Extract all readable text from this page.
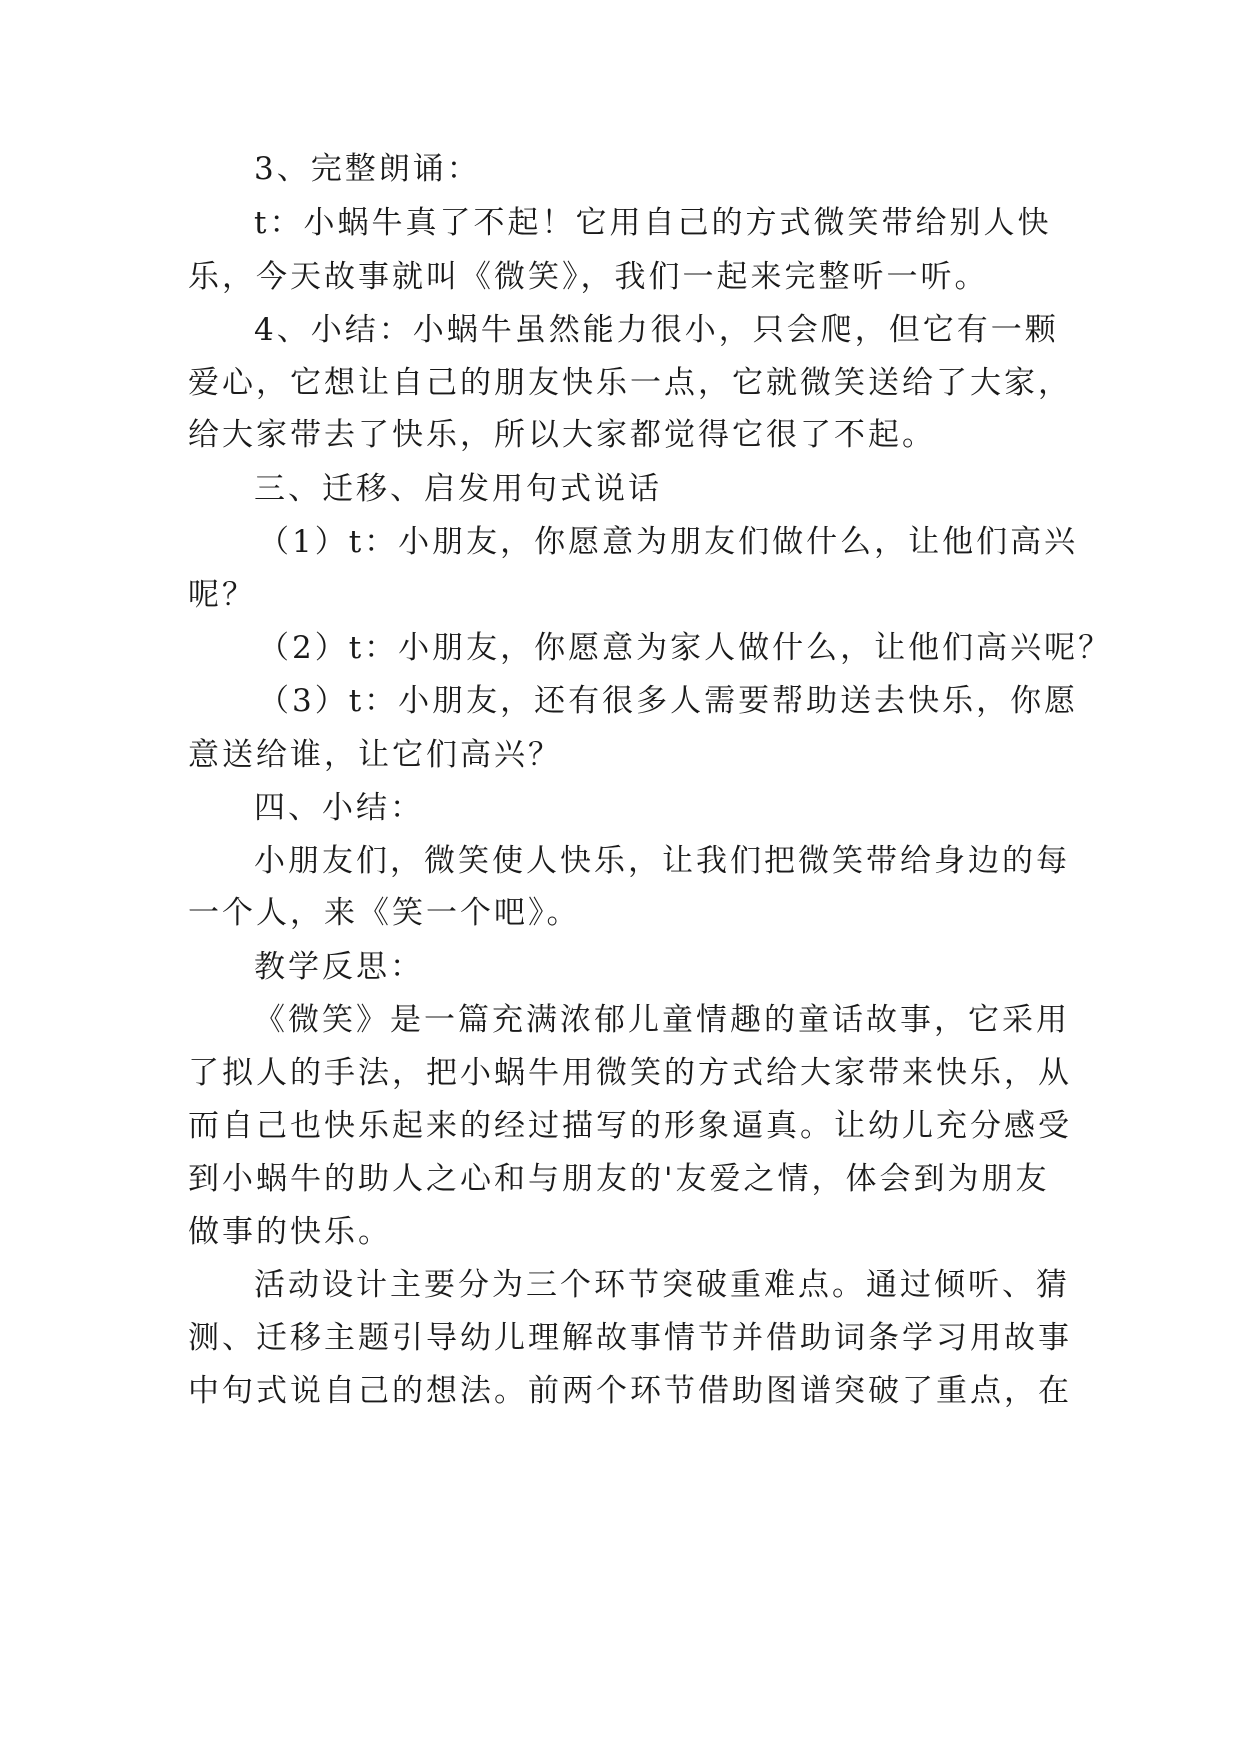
3、完整朗诵：
t：小蜗牛真了不起！它用自己的方式微笑带给别人快
乐，今天故事就叫《微笑》，我们一起来完整听一听。
4、小结：小蜗牛虽然能力很小，只会爬，但它有一颗
爱心，它想让自己的朋友快乐一点，它就微笑送给了大家，
给大家带去了快乐，所以大家都觉得它很了不起。
三、迁移、启发用句式说话
（1）t：小朋友，你愿意为朋友们做什么，让他们高兴
呢？
（2）t：小朋友，你愿意为家人做什么，让他们高兴呢？
（3）t：小朋友，还有很多人需要帮助送去快乐，你愿
意送给谁，让它们高兴？
四、小结：
小朋友们，微笑使人快乐，让我们把微笑带给身边的每
一个人，来《笑一个吧》。
教学反思：
《微笑》是一篇充满浓郁儿童情趣的童话故事，它采用
了拟人的手法，把小蜗牛用微笑的方式给大家带来快乐，从
而自己也快乐起来的经过描写的形象逼真。让幼儿充分感受
到小蜗牛的助人之心和与朋友的'友爱之情，体会到为朋友
做事的快乐。
活动设计主要分为三个环节突破重难点。通过倾听、猜
测、迁移主题引导幼儿理解故事情节并借助词条学习用故事
中句式说自己的想法。前两个环节借助图谱突破了重点，在
